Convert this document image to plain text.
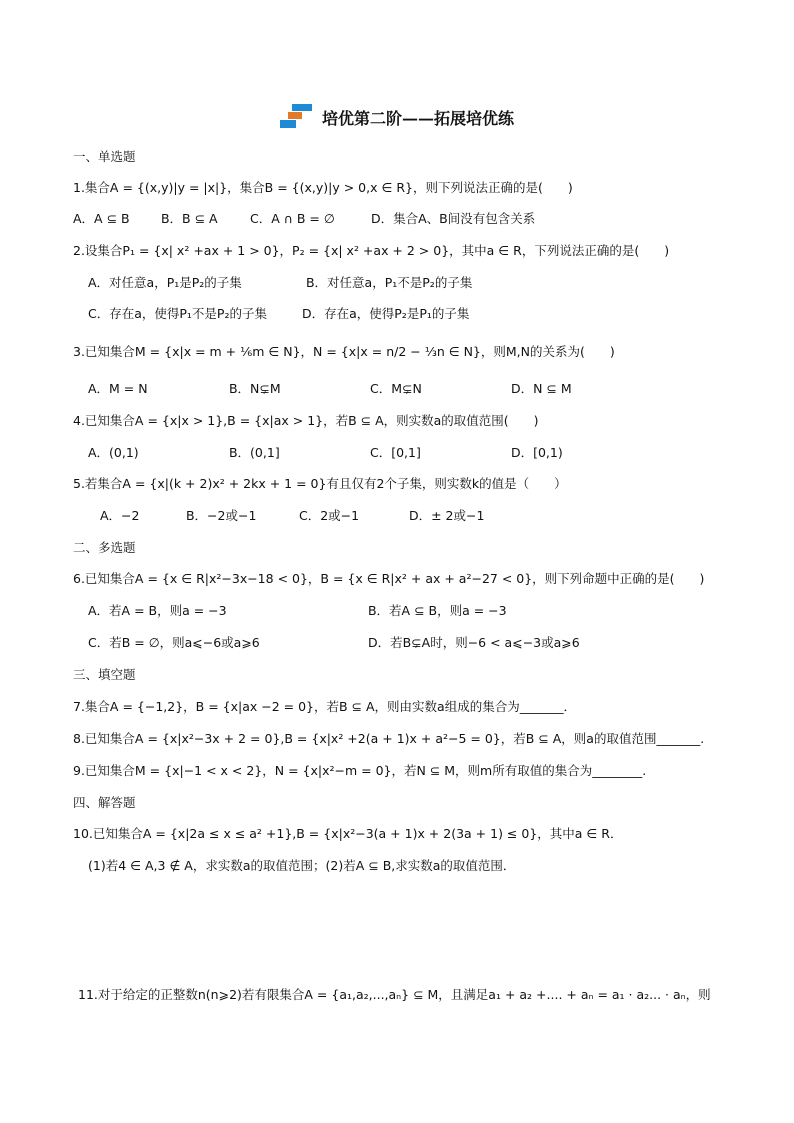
培优第二阶——拓展培优练
一、单选题
1.集合A = {(x,y)|y = |x|}，集合B = {(x,y)|y > 0,x ∈ R}，则下列说法正确的是(　　)
A．A ⊆ B	B．B ⊆ A	C．A ∩ B = ∅	D．集合A、B间没有包含关系
2.设集合P₁ = {x| x² +ax + 1 > 0}，P₂ = {x| x² +ax + 2 > 0}，其中a ∈ R，下列说法正确的是(　　)
A．对任意a，P₁是P₂的子集	B．对任意a，P₁不是P₂的子集
C．存在a，使得P₁不是P₂的子集	D．存在a，使得P₂是P₁的子集
3.已知集合M = {x|x = m + ⅙m ∈ N}，N = {x|x = n/2 − ⅓n ∈ N}，则M,N的关系为(　　)
A．M = N	B．N⊊M	C．M⊊N	D．N ⊆ M
4.已知集合A = {x|x > 1},B = {x|ax > 1}，若B ⊆ A，则实数a的取值范围(　　)
A．(0,1)	B．(0,1]	C．[0,1]	D．[0,1)
5.若集合A = {x|(k + 2)x² + 2kx + 1 = 0}有且仅有2个子集，则实数k的值是（　　）
A．−2	B．−2或−1	C．2或−1	D．± 2或−1
二、多选题
6.已知集合A = {x ∈ R|x²−3x−18 < 0}，B = {x ∈ R|x² + ax + a²−27 < 0}，则下列命题中正确的是(　　)
A．若A = B，则a = −3	B．若A ⊆ B，则a = −3
C．若B = ∅，则a⩽−6或a⩾6	D．若B⊊A时，则−6 < a⩽−3或a⩾6
三、填空题
7.集合A = {−1,2}，B = {x|ax −2 = 0}，若B ⊆ A，则由实数a组成的集合为_______．
8.已知集合A = {x|x²−3x + 2 = 0},B = {x|x² +2(a + 1)x + a²−5 = 0}，若B ⊆ A，则a的取值范围_______.
9.已知集合M = {x|−1 < x < 2}，N = {x|x²−m = 0}，若N ⊆ M，则m所有取值的集合为________.
四、解答题
10.已知集合A = {x|2a ≤ x ≤ a² +1},B = {x|x²−3(a + 1)x + 2(3a + 1) ≤ 0}，其中a ∈ R．
(1)若4 ∈ A,3 ∉ A，求实数a的取值范围；(2)若A ⊆ B,求实数a的取值范围．
11.对于给定的正整数n(n⩾2)若有限集合A = {a₁,a₂,...,aₙ} ⊆ M，且满足a₁ + a₂ +.... + aₙ = a₁ · a₂... · aₙ，则
